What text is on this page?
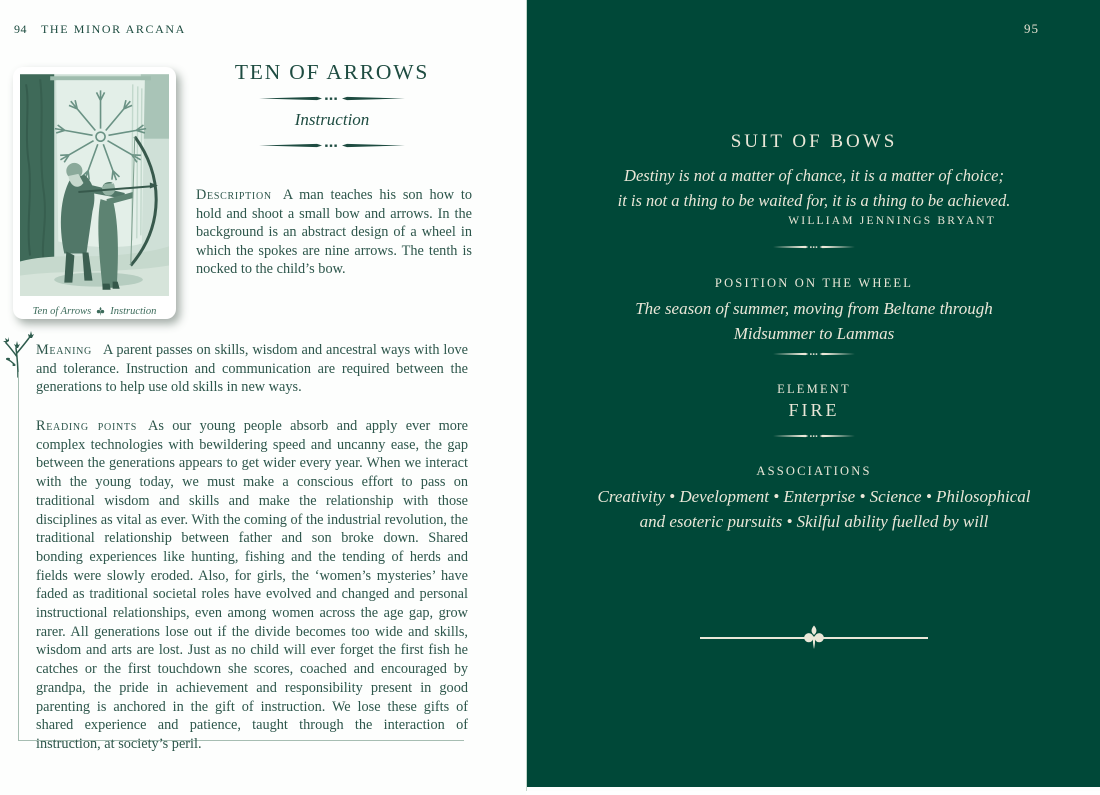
94 THE MINOR ARCANA
Ten of Arrows Instruction
TEN OF ARROWS
Instruction

Description A man teaches his son how to hold and shoot a small bow and arrows. In the background is an abstract design of a wheel in which the spokes are nine arrows. The tenth is nocked to the child’s bow.

Meaning A parent passes on skills, wisdom and ancestral ways with love and tolerance. Instruction and communication are required between the generations to help use old skills in new ways.

Reading points As our young people absorb and apply ever more complex technologies with bewildering speed and uncanny ease, the gap between the generations appears to get wider every year. When we interact with the young today, we must make a conscious effort to pass on traditional wisdom and skills and make the relationship with those disciplines as vital as ever. With the coming of the industrial revolution, the traditional relationship between father and son broke down. Shared bonding experiences like hunting, fishing and the tending of herds and fields were slowly eroded. Also, for girls, the ‘women’s mysteries’ have faded as traditional societal roles have evolved and changed and personal instructional relationships, even among women across the age gap, grow rarer. All generations lose out if the divide becomes too wide and skills, wisdom and arts are lost. Just as no child will ever forget the first fish he catches or the first touchdown she scores, coached and encouraged by grandpa, the pride in achievement and responsibility present in good parenting is anchored in the gift of instruction. We lose these gifts of shared experience and patience, taught through the interaction of instruction, at society’s peril.

95
SUIT OF BOWS
Destiny is not a matter of chance, it is a matter of choice;
it is not a thing to be waited for, it is a thing to be achieved.
WILLIAM JENNINGS BRYANT
POSITION ON THE WHEEL
The season of summer, moving from Beltane through
Midsummer to Lammas
ELEMENT
FIRE
ASSOCIATIONS
Creativity • Development • Enterprise • Science • Philosophical
and esoteric pursuits • Skilful ability fuelled by will
